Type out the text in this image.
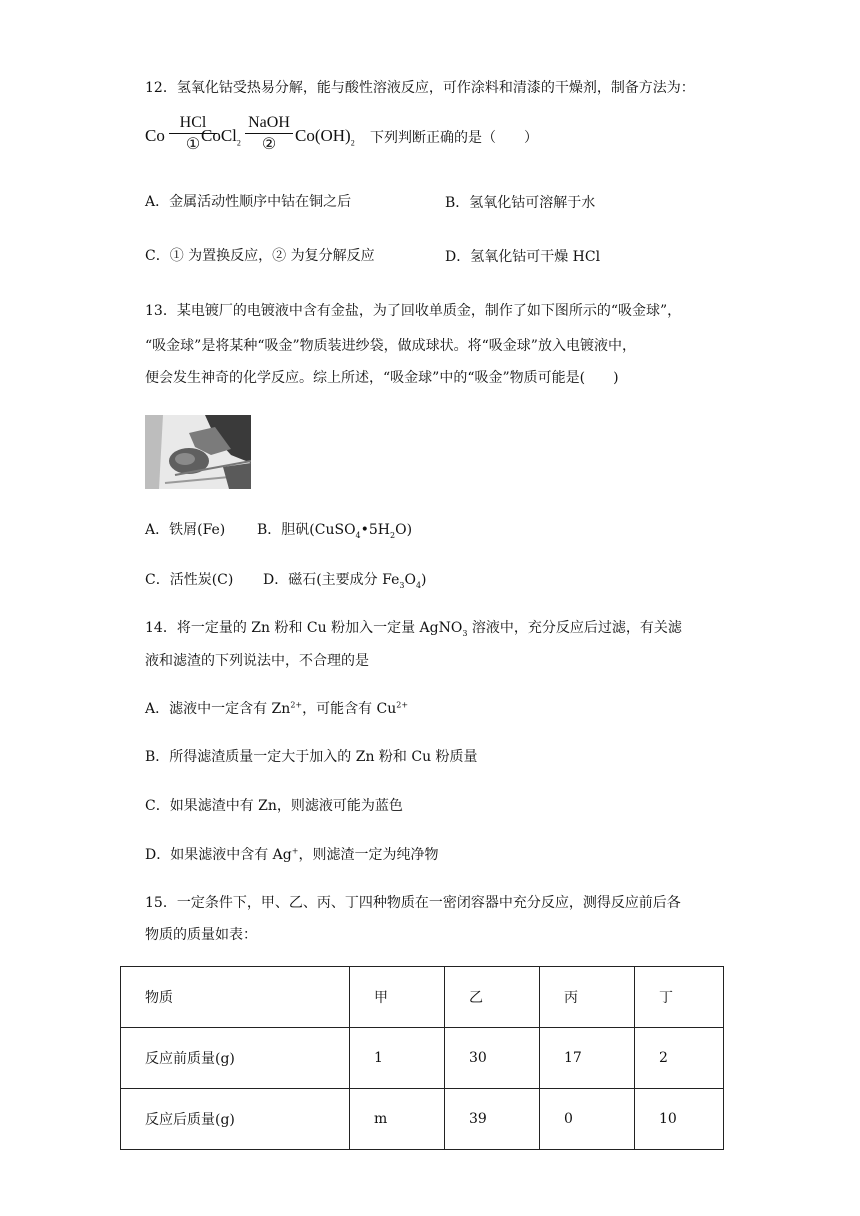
12．氢氧化钴受热易分解，能与酸性溶液反应，可作涂料和清漆的干燥剂，制备方法为：
Co
HCl
① CoCl$_2$
NaOH
②	$Co(OH)_2$ 下列判断正确的是（　　）
A．金属活动性顺序中钴在铜之后	B．氢氧化钴可溶解于水
C．① 为置换反应，② 为复分解反应	D．氢氧化钴可干燥 HCl
13．某电镀厂的电镀液中含有金盐，为了回收单质金，制作了如下图所示的“吸金球”，
“吸金球”是将某种“吸金”物质装进纱袋，做成球状。将“吸金球”放入电镀液中，
便会发生神奇的化学反应。综上所述，“吸金球”中的“吸金”物质可能是(　　)
A．铁屑(Fe) B．胆矾$(CuSO_4•5H_2O)$
C．活性炭(C) D．磁石(主要成分 $Fe_3O_4$)
14．将一定量的 Zn 粉和 Cu 粉加入一定量 AgNO$_3$ 溶液中，充分反应后过滤，有关滤
液和滤渣的下列说法中，不合理的是
A．滤液中一定含有 $Zn^{2+}$，可能含有 $Cu^{2+}$
B．所得滤渣质量一定大于加入的 Zn 粉和 Cu 粉质量
C．如果滤渣中有 Zn，则滤液可能为蓝色
D．如果滤液中含有 Ag+，则滤渣一定为纯净物
15．一定条件下，甲、乙、丙、丁四种物质在一密闭容器中充分反应，测得反应前后各
物质的质量如表：
物质	甲	乙	丙	丁
反应前质量(g)	1	30	17	2
反应后质量(g)	m	39	0	10
